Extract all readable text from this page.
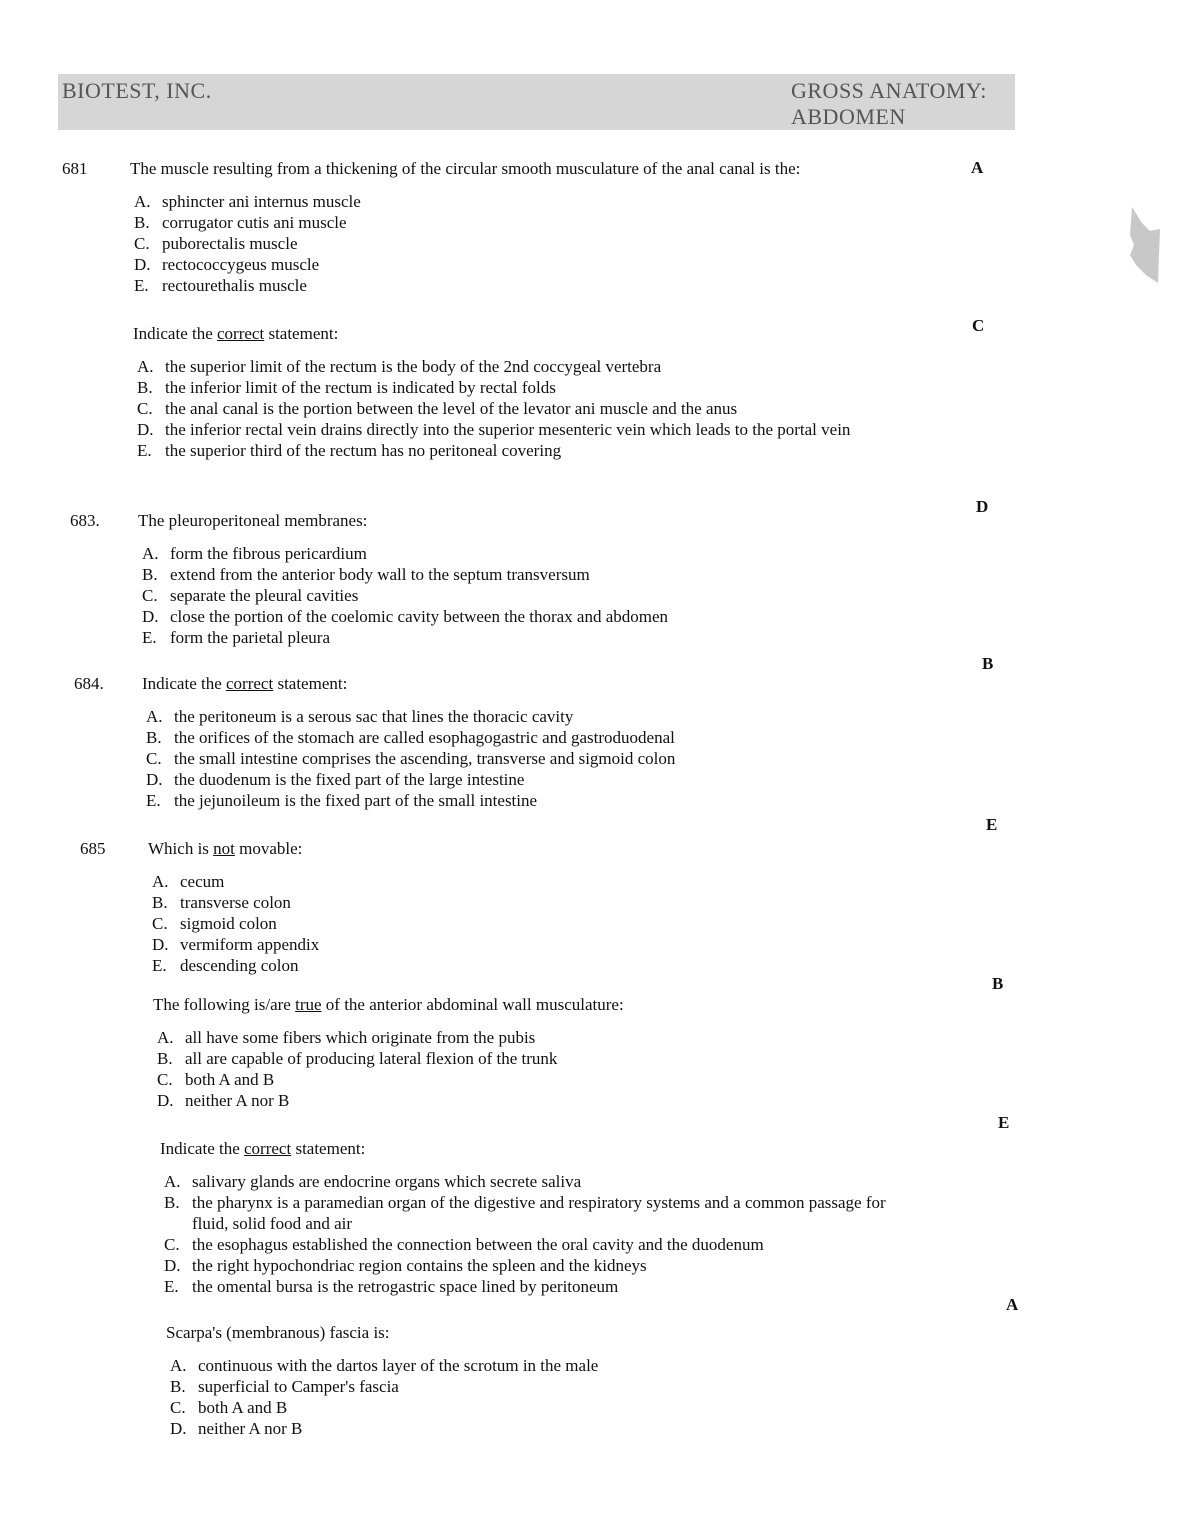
BIOTEST, INC.	GROSS ANATOMY:
ABDOMEN
681	The muscle resulting from a thickening of the circular smooth musculature of the anal canal is the:
A. sphincter ani internus muscle
B. corrugator cutis ani muscle
C. puborectalis muscle
D. rectococcygeus muscle
E. rectourethalis muscle
A
Indicate the correct statement:
A. the superior limit of the rectum is the body of the 2nd coccygeal vertebra
B. the inferior limit of the rectum is indicated by rectal folds
C. the anal canal is the portion between the level of the levator ani muscle and the anus
D. the inferior rectal vein drains directly into the superior mesenteric vein which leads to the portal vein
E. the superior third of the rectum has no peritoneal covering
C
683. The pleuroperitoneal membranes:
A. form the fibrous pericardium
B. extend from the anterior body wall to the septum transversum
C. separate the pleural cavities
D. close the portion of the coelomic cavity between the thorax and abdomen
E. form the parietal pleura
D
684. Indicate the correct statement:
A. the peritoneum is a serous sac that lines the thoracic cavity
B. the orifices of the stomach are called esophagogastric and gastroduodenal
C. the small intestine comprises the ascending, transverse and sigmoid colon
D. the duodenum is the fixed part of the large intestine
E. the jejunoileum is the fixed part of the small intestine
B
685	Which is not movable:
A. cecum
B. transverse colon
C. sigmoid colon
D. vermiform appendix
E. descending colon
E
The following is/are true of the anterior abdominal wall musculature:
A. all have some fibers which originate from the pubis
B. all are capable of producing lateral flexion of the trunk
C. both A and B
D. neither A nor B
B
Indicate the correct statement:
A. salivary glands are endocrine organs which secrete saliva
B. the pharynx is a paramedian organ of the digestive and respiratory systems and a common passage for fluid, solid food and air
C. the esophagus established the connection between the oral cavity and the duodenum
D. the right hypochondriac region contains the spleen and the kidneys
E. the omental bursa is the retrogastric space lined by peritoneum
E
Scarpa's (membranous) fascia is:
A. continuous with the dartos layer of the scrotum in the male
B. superficial to Camper's fascia
C. both A and B
D. neither A nor B
A
